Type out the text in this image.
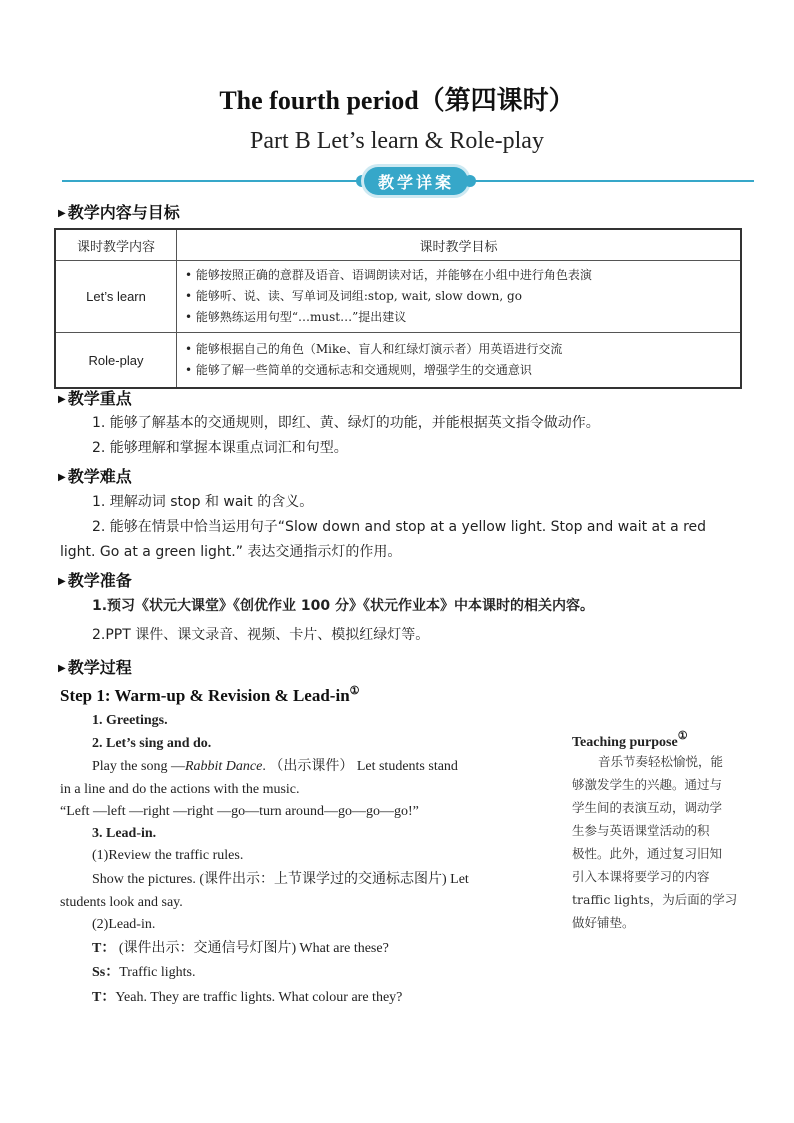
The fourth period（第四课时）
Part B Let’s learn & Role-play
教学详案
▶ 教学内容与目标
课时教学内容	课时教学目标
Let’s learn	• 能够按照正确的意群及语音、语调朗读对话，并能够在小组中进行角色表演
• 能够听、说、读、写单词及词组:stop, wait, slow down, go
• 能够熟练运用句型“…must…”提出建议

Role-play	• 能够根据自己的角色（Mike、盲人和红绿灯演示者）用英语进行交流
• 能够了解一些简单的交通标志和交通规则，增强学生的交通意识
▶ 教学重点
1. 能够了解基本的交通规则，即红、黄、绿灯的功能，并能根据英文指令做动作。
2. 能够理解和掌握本课重点词汇和句型。
▶ 教学难点
1. 理解动词 stop 和 wait 的含义。
2. 能够在情景中恰当运用句子“Slow down and stop at a yellow light. Stop and wait at a red
light. Go at a green light.” 表达交通指示灯的作用。
▶ 教学准备
1.预习《状元大课堂》《创优作业 100 分》《状元作业本》中本课时的相关内容。
2.PPT 课件、课文录音、视频、卡片、模拟红绿灯等。
▶ 教学过程
Step 1: Warm-up & Revision & Lead-in①
1. Greetings.
2. Let’s sing and do.
Play the song —Rabbit Dance. （出示课件） Let students stand
in a line and do the actions with the music.
“Left —left —right —right —go—turn around—go—go—go!”
3. Lead-in.
(1)Review the traffic rules.
Show the pictures. (课件出示：上节课学过的交通标志图片) Let
students look and say.
(2)Lead-in.
T： (课件出示：交通信号灯图片) What are these?
Ss：Traffic lights.
T：Yeah. They are traffic lights. What colour are they?
Teaching purpose①
音乐节奏轻松愉悦，能
够激发学生的兴趣。通过与
学生间的表演互动，调动学
生参与英语课堂活动的积
极性。此外，通过复习旧知
引入本课将要学习的内容
traffic lights，为后面的学习
做好铺垫。
